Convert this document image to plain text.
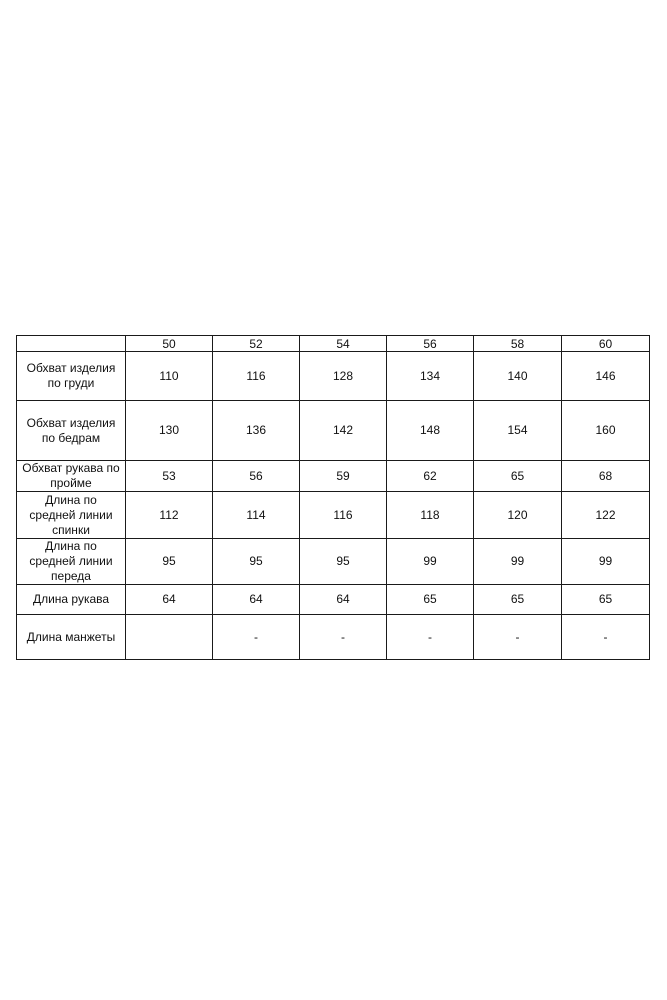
	50	52	54	56	58	60
Обхват изделия по груди	110	116	128	134	140	146
Обхват изделия по бедрам	130	136	142	148	154	160
Обхват рукава по пройме	53	56	59	62	65	68
Длина по средней линии спинки	112	114	116	118	120	122
Длина по средней линии переда	95	95	95	99	99	99
Длина рукава	64	64	64	65	65	65
Длина манжеты		-	-	-	-	-
